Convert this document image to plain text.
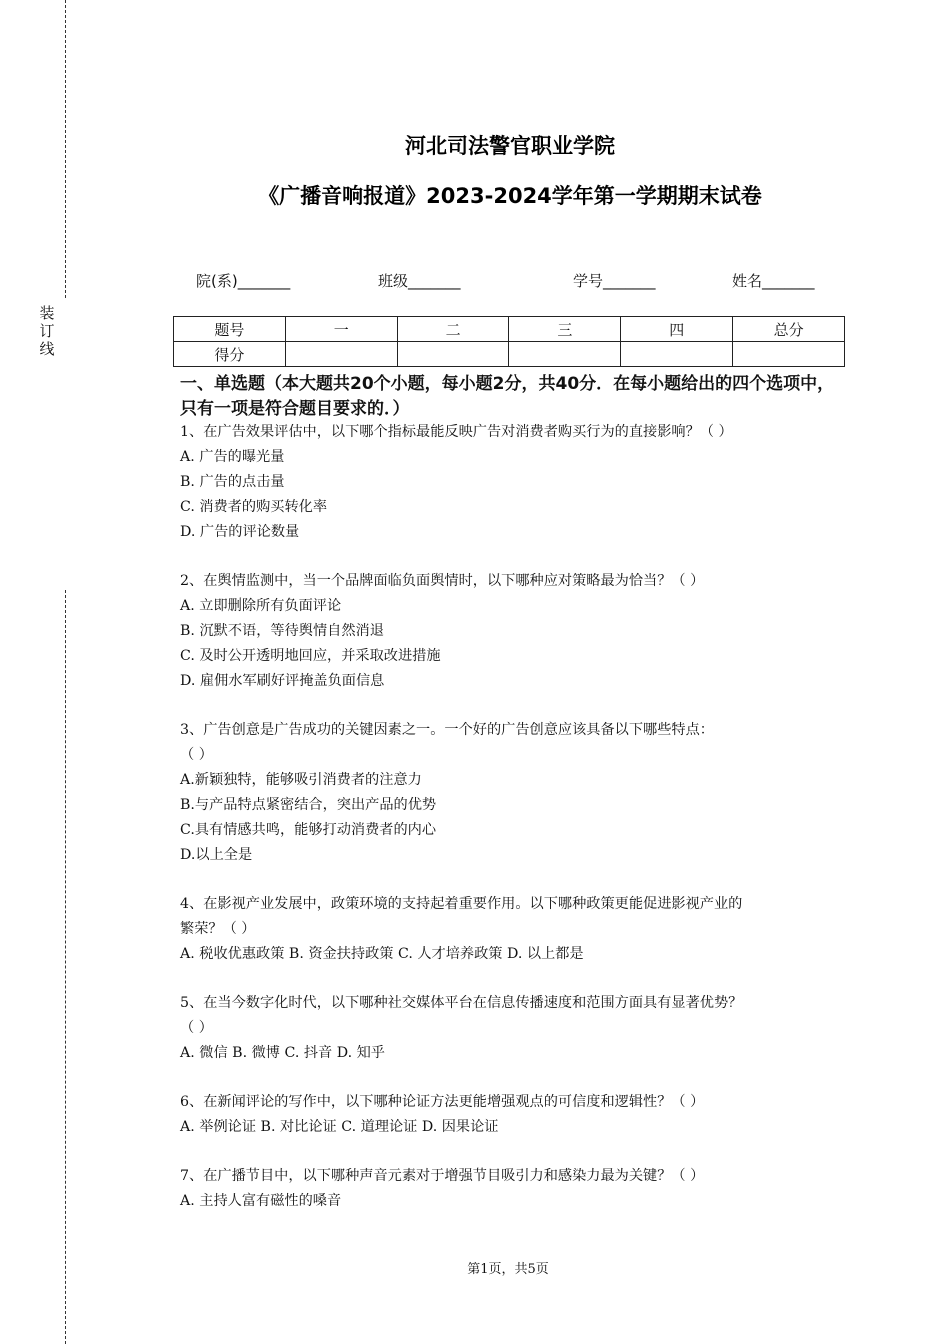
装
订
线
河北司法警官职业学院
《广播音响报道》2023-2024学年第一学期期末试卷
院(系)_______	班级_______	学号_______	姓名_______
题号	一	二	三	四	总分
得分					
一、单选题（本大题共20个小题，每小题2分，共40分．在每小题给出的四个选项中，只有一项是符合题目要求的．）
1、在广告效果评估中，以下哪个指标最能反映广告对消费者购买行为的直接影响？（ ）
A. 广告的曝光量
B. 广告的点击量
C. 消费者的购买转化率
D. 广告的评论数量
2、在舆情监测中，当一个品牌面临负面舆情时，以下哪种应对策略最为恰当？（ ）
A. 立即删除所有负面评论
B. 沉默不语，等待舆情自然消退
C. 及时公开透明地回应，并采取改进措施
D. 雇佣水军刷好评掩盖负面信息
3、广告创意是广告成功的关键因素之一。一个好的广告创意应该具备以下哪些特点：
（ ）
A.新颖独特，能够吸引消费者的注意力
B.与产品特点紧密结合，突出产品的优势
C.具有情感共鸣，能够打动消费者的内心
D.以上全是
4、在影视产业发展中，政策环境的支持起着重要作用。以下哪种政策更能促进影视产业的
繁荣？（ ）
A. 税收优惠政策 B. 资金扶持政策 C. 人才培养政策 D. 以上都是
5、在当今数字化时代，以下哪种社交媒体平台在信息传播速度和范围方面具有显著优势？
（ ）
A. 微信 B. 微博 C. 抖音 D. 知乎
6、在新闻评论的写作中，以下哪种论证方法更能增强观点的可信度和逻辑性？（ ）
A. 举例论证 B. 对比论证 C. 道理论证 D. 因果论证
7、在广播节目中，以下哪种声音元素对于增强节目吸引力和感染力最为关键？（ ）
A. 主持人富有磁性的嗓音
第1页，共5页
